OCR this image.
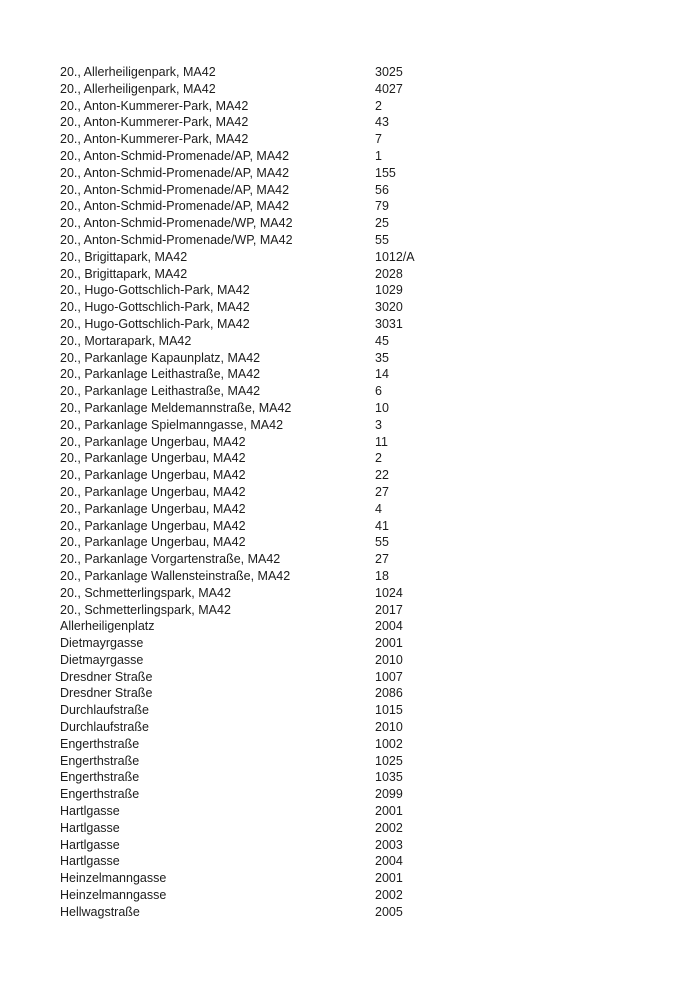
20., Allerheiligenpark, MA42	3025
20., Allerheiligenpark, MA42	4027
20., Anton-Kummerer-Park, MA42	2
20., Anton-Kummerer-Park, MA42	43
20., Anton-Kummerer-Park, MA42	7
20., Anton-Schmid-Promenade/AP, MA42	1
20., Anton-Schmid-Promenade/AP, MA42	155
20., Anton-Schmid-Promenade/AP, MA42	56
20., Anton-Schmid-Promenade/AP, MA42	79
20., Anton-Schmid-Promenade/WP, MA42	25
20., Anton-Schmid-Promenade/WP, MA42	55
20., Brigittapark, MA42	1012/A
20., Brigittapark, MA42	2028
20., Hugo-Gottschlich-Park, MA42	1029
20., Hugo-Gottschlich-Park, MA42	3020
20., Hugo-Gottschlich-Park, MA42	3031
20., Mortarapark, MA42	45
20., Parkanlage Kapaunplatz, MA42	35
20., Parkanlage Leithastraße, MA42	14
20., Parkanlage Leithastraße, MA42	6
20., Parkanlage Meldemannstraße, MA42	10
20., Parkanlage Spielmanngasse, MA42	3
20., Parkanlage Ungerbau, MA42	11
20., Parkanlage Ungerbau, MA42	2
20., Parkanlage Ungerbau, MA42	22
20., Parkanlage Ungerbau, MA42	27
20., Parkanlage Ungerbau, MA42	4
20., Parkanlage Ungerbau, MA42	41
20., Parkanlage Ungerbau, MA42	55
20., Parkanlage Vorgartenstraße, MA42	27
20., Parkanlage Wallensteinstraße, MA42	18
20., Schmetterlingspark, MA42	1024
20., Schmetterlingspark, MA42	2017
Allerheiligenplatz	2004
Dietmayrgasse	2001
Dietmayrgasse	2010
Dresdner Straße	1007
Dresdner Straße	2086
Durchlaufstraße	1015
Durchlaufstraße	2010
Engerthstraße	1002
Engerthstraße	1025
Engerthstraße	1035
Engerthstraße	2099
Hartlgasse	2001
Hartlgasse	2002
Hartlgasse	2003
Hartlgasse	2004
Heinzelmanngasse	2001
Heinzelmanngasse	2002
Hellwagstraße	2005
